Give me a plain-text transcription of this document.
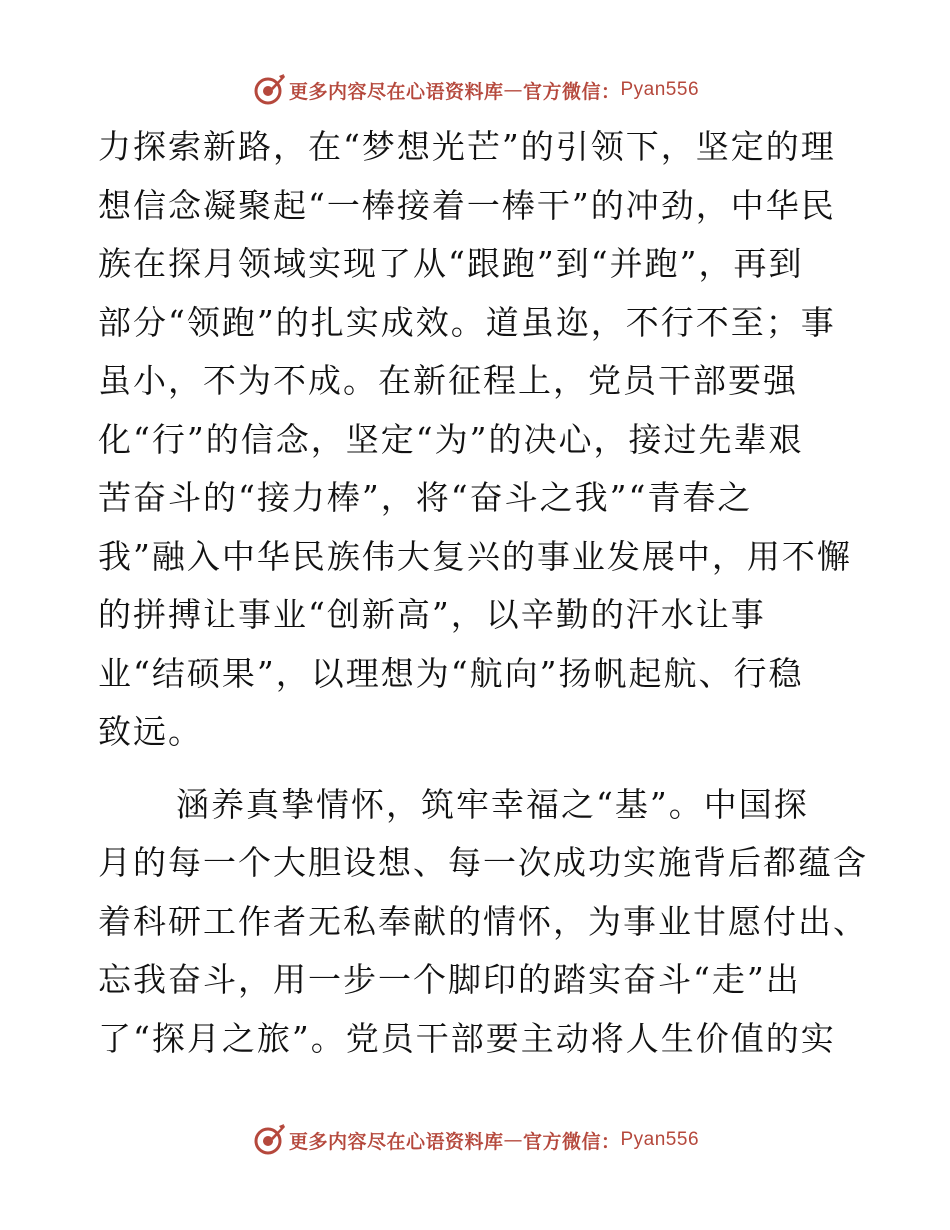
更多内容尽在心语资料库 — 官方微信： Pyan556
力探索新路，在“梦想光芒”的引领下，坚定的理
想信念凝聚起“一棒接着一棒干”的冲劲，中华民
族在探月领域实现了从“跟跑”到“并跑”，再到
部分“领跑”的扎实成效。道虽迩，不行不至；事
虽小，不为不成。在新征程上，党员干部要强
化“行”的信念，坚定“为”的决心，接过先辈艰
苦奋斗的“接力棒”，将“奋斗之我”“青春之
我”融入中华民族伟大复兴的事业发展中，用不懈
的拼搏让事业“创新高”，以辛勤的汗水让事
业“结硕果”，以理想为“航向”扬帆起航、行稳
致远。
涵养真挚情怀，筑牢幸福之“基”。中国探
月的每一个大胆设想、每一次成功实施背后都蕴含
着科研工作者无私奉献的情怀，为事业甘愿付出、
忘我奋斗，用一步一个脚印的踏实奋斗“走”出
了“探月之旅”。党员干部要主动将人生价值的实
更多内容尽在心语资料库 — 官方微信： Pyan556
